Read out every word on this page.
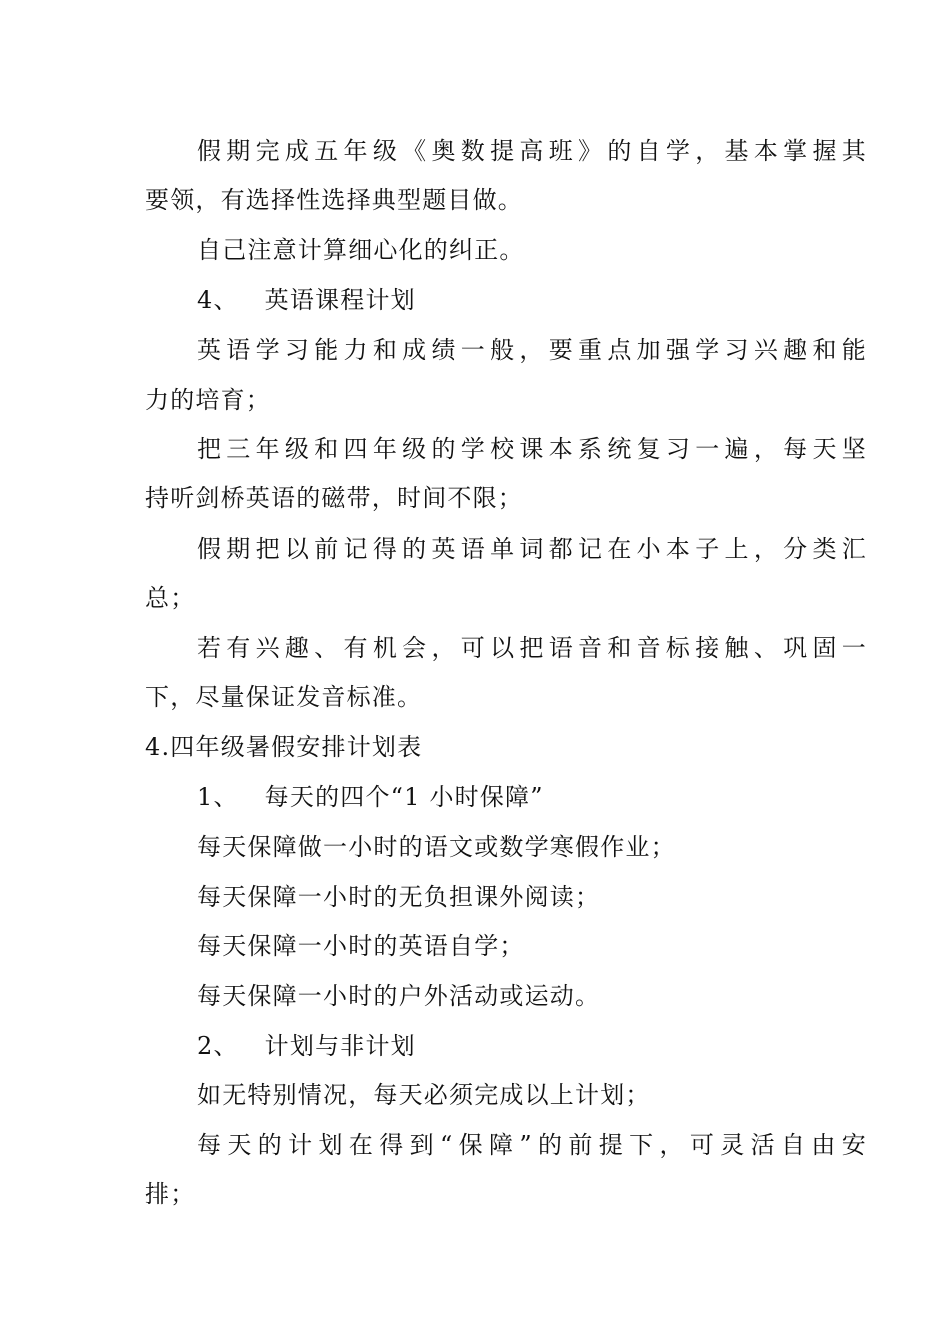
假期完成五年级《奥数提高班》的自学，基本掌握其
要领，有选择性选择典型题目做。
自己注意计算细心化的纠正。
4、 英语课程计划
英语学习能力和成绩一般，要重点加强学习兴趣和能
力的培育；
把三年级和四年级的学校课本系统复习一遍，每天坚
持听剑桥英语的磁带，时间不限；
假期把以前记得的英语单词都记在小本子上，分类汇
总；
若有兴趣、有机会，可以把语音和音标接触、巩固一
下，尽量保证发音标准。
4.四年级暑假安排计划表
1、 每天的四个“1 小时保障”
每天保障做一小时的语文或数学寒假作业；
每天保障一小时的无负担课外阅读；
每天保障一小时的英语自学；
每天保障一小时的户外活动或运动。
2、 计划与非计划
如无特别情况，每天必须完成以上计划；
每天的计划在得到“保障”的前提下，可灵活自由安
排；
